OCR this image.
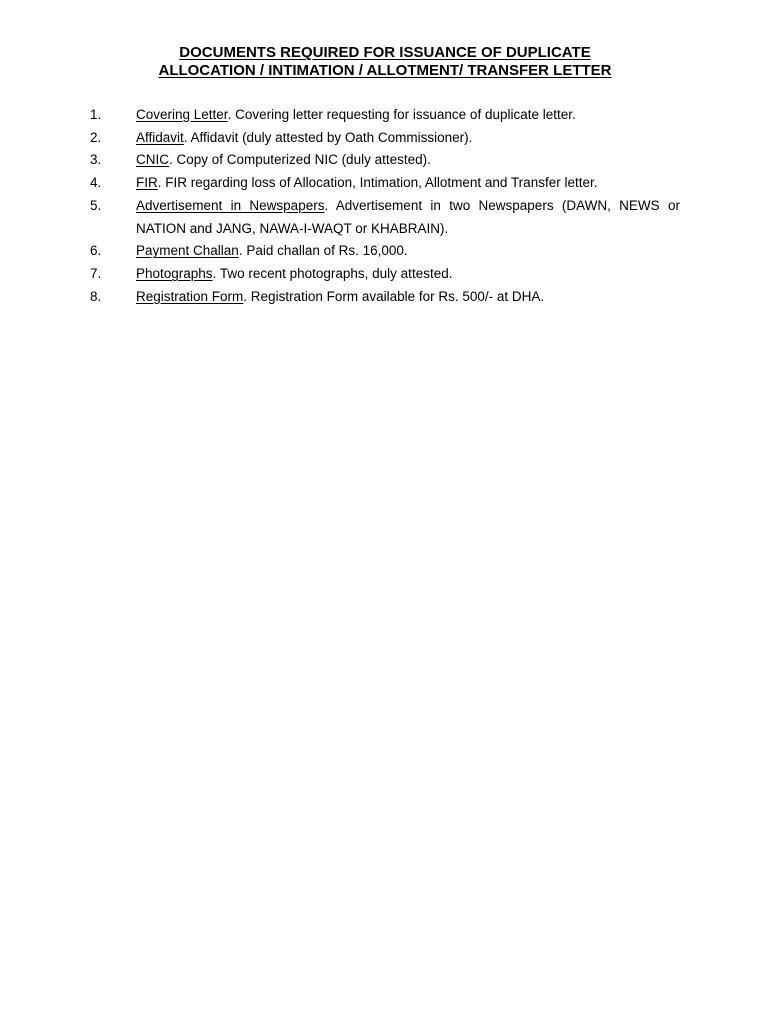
DOCUMENTS REQUIRED FOR ISSUANCE OF DUPLICATE
ALLOCATION / INTIMATION / ALLOTMENT/ TRANSFER LETTER
1.	Covering Letter. Covering letter requesting for issuance of duplicate letter.
2.	Affidavit. Affidavit (duly attested by Oath Commissioner).
3.	CNIC. Copy of Computerized NIC (duly attested).
4.	FIR. FIR regarding loss of Allocation, Intimation, Allotment and Transfer letter.
5.	Advertisement in Newspapers. Advertisement in two Newspapers (DAWN, NEWS or NATION and JANG, NAWA-I-WAQT or KHABRAIN).
6.	Payment Challan. Paid challan of Rs. 16,000.
7.	Photographs. Two recent photographs, duly attested.
8.	Registration Form. Registration Form available for Rs. 500/- at DHA.
